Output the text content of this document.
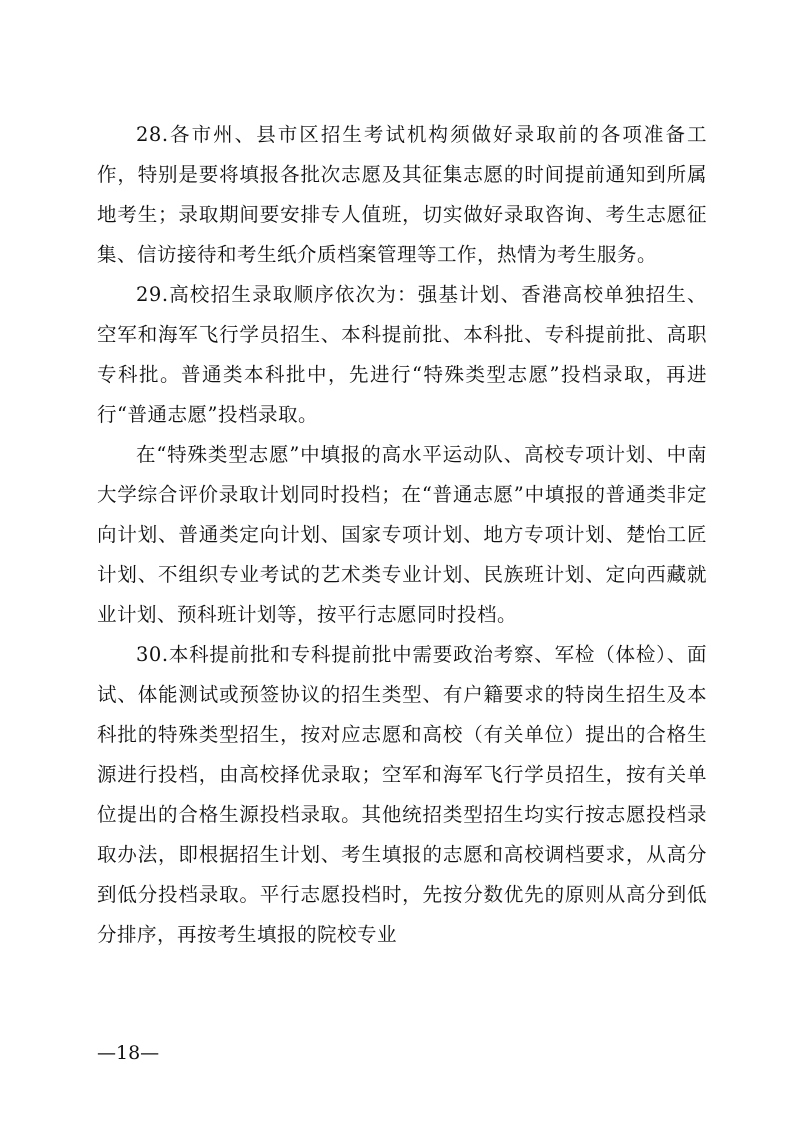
28.各市州、县市区招生考试机构须做好录取前的各项准备工作，特别是要将填报各批次志愿及其征集志愿的时间提前通知到所属地考生；录取期间要安排专人值班，切实做好录取咨询、考生志愿征集、信访接待和考生纸介质档案管理等工作，热情为考生服务。

29.高校招生录取顺序依次为：强基计划、香港高校单独招生、空军和海军飞行学员招生、本科提前批、本科批、专科提前批、高职专科批。普通类本科批中，先进行“特殊类型志愿”投档录取，再进行“普通志愿”投档录取。

在“特殊类型志愿”中填报的高水平运动队、高校专项计划、中南大学综合评价录取计划同时投档；在“普通志愿”中填报的普通类非定向计划、普通类定向计划、国家专项计划、地方专项计划、楚怡工匠计划、不组织专业考试的艺术类专业计划、民族班计划、定向西藏就业计划、预科班计划等，按平行志愿同时投档。

30.本科提前批和专科提前批中需要政治考察、军检（体检）、面试、体能测试或预签协议的招生类型、有户籍要求的特岗生招生及本科批的特殊类型招生，按对应志愿和高校（有关单位）提出的合格生源进行投档，由高校择优录取；空军和海军飞行学员招生，按有关单位提出的合格生源投档录取。其他统招类型招生均实行按志愿投档录取办法，即根据招生计划、考生填报的志愿和高校调档要求，从高分到低分投档录取。平行志愿投档时，先按分数优先的原则从高分到低分排序，再按考生填报的院校专业

—18—
